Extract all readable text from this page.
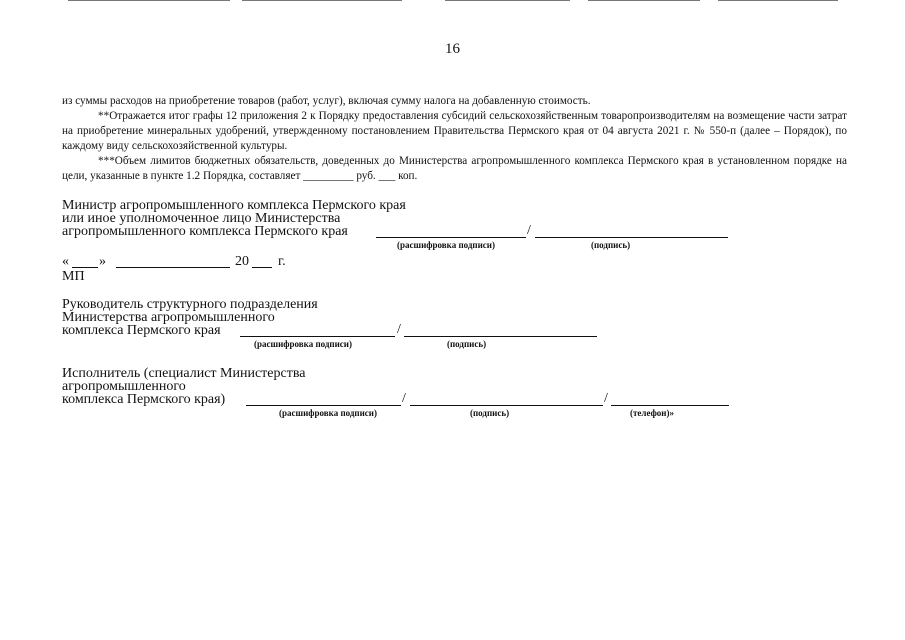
16
из суммы расходов на приобретение товаров (работ, услуг), включая сумму налога на добавленную стоимость.
**Отражается итог графы 12 приложения 2 к Порядку предоставления субсидий сельскохозяйственным товаропроизводителям на возмещение части затрат на приобретение минеральных удобрений, утвержденному постановлением Правительства Пермского края от 04 августа 2021 г. № 550-п (далее – Порядок), по каждому виду сельскохозяйственной культуры.
***Объем лимитов бюджетных обязательств, доведенных до Министерства агропромышленного комплекса Пермского края в установленном порядке на цели, указанные в пункте 1.2 Порядка, составляет _________ руб. ___ коп.
Министр агропромышленного комплекса Пермского края
или иное уполномоченное лицо Министерства
агропромышленного комплекса Пермского края	/
(расшифровка подписи)	(подпись)
« »	20 г.
МП
Руководитель структурного подразделения
Министерства агропромышленного
комплекса Пермского края	/
(расшифровка подписи)	(подпись)
Исполнитель (специалист Министерства
агропромышленного
комплекса Пермского края)	/	/
(расшифровка подписи)	(подпись)	(телефон)»
